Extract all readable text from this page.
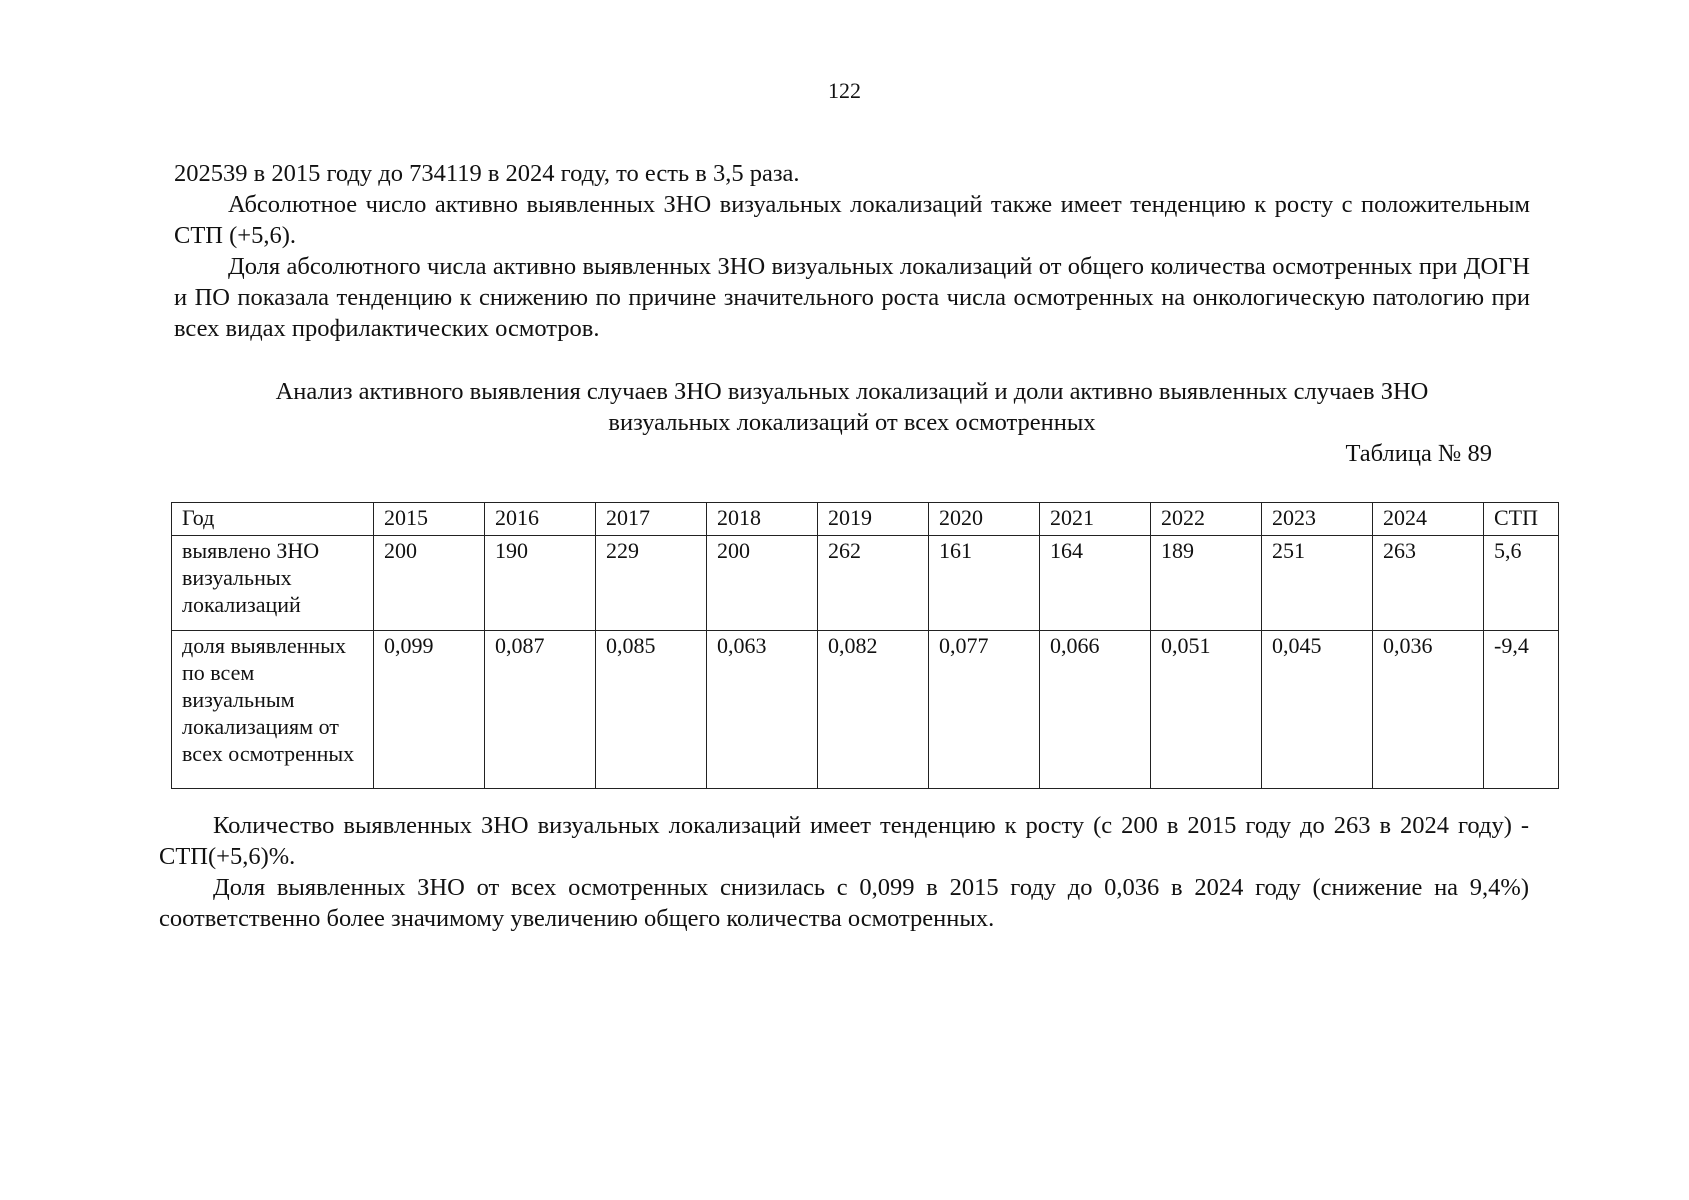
122

202539 в 2015 году до 734119 в 2024 году, то есть в 3,5 раза.

Абсолютное число активно выявленных ЗНО визуальных локализаций также имеет тенденцию к росту с положительным СТП (+5,6).

Доля абсолютного числа активно выявленных ЗНО визуальных локализаций от общего количества осмотренных при ДОГН и ПО показала тенденцию к снижению по причине значительного роста числа осмотренных на онкологическую патологию при всех видах профилактических осмотров.

Анализ активного выявления случаев ЗНО визуальных локализаций и доли активно выявленных случаев ЗНО
визуальных локализаций от всех осмотренных
Таблица № 89
Год	2015	2016	2017	2018	2019	2020	2021	2022	2023	2024	СТП
выявлено ЗНО визуальных локализаций	200	190	229	200	262	161	164	189	251	263	5,6
доля выявленных по всем визуальным локализациям от всех осмотренных	0,099	0,087	0,085	0,063	0,082	0,077	0,066	0,051	0,045	0,036	-9,4

Количество выявленных ЗНО визуальных локализаций имеет тенденцию к росту (с 200 в 2015 году до 263 в 2024 году) - СТП(+5,6)%.

Доля выявленных ЗНО от всех осмотренных снизилась с 0,099 в 2015 году до 0,036 в 2024 году (снижение на 9,4%) соответственно более значимому увеличению общего количества осмотренных.
